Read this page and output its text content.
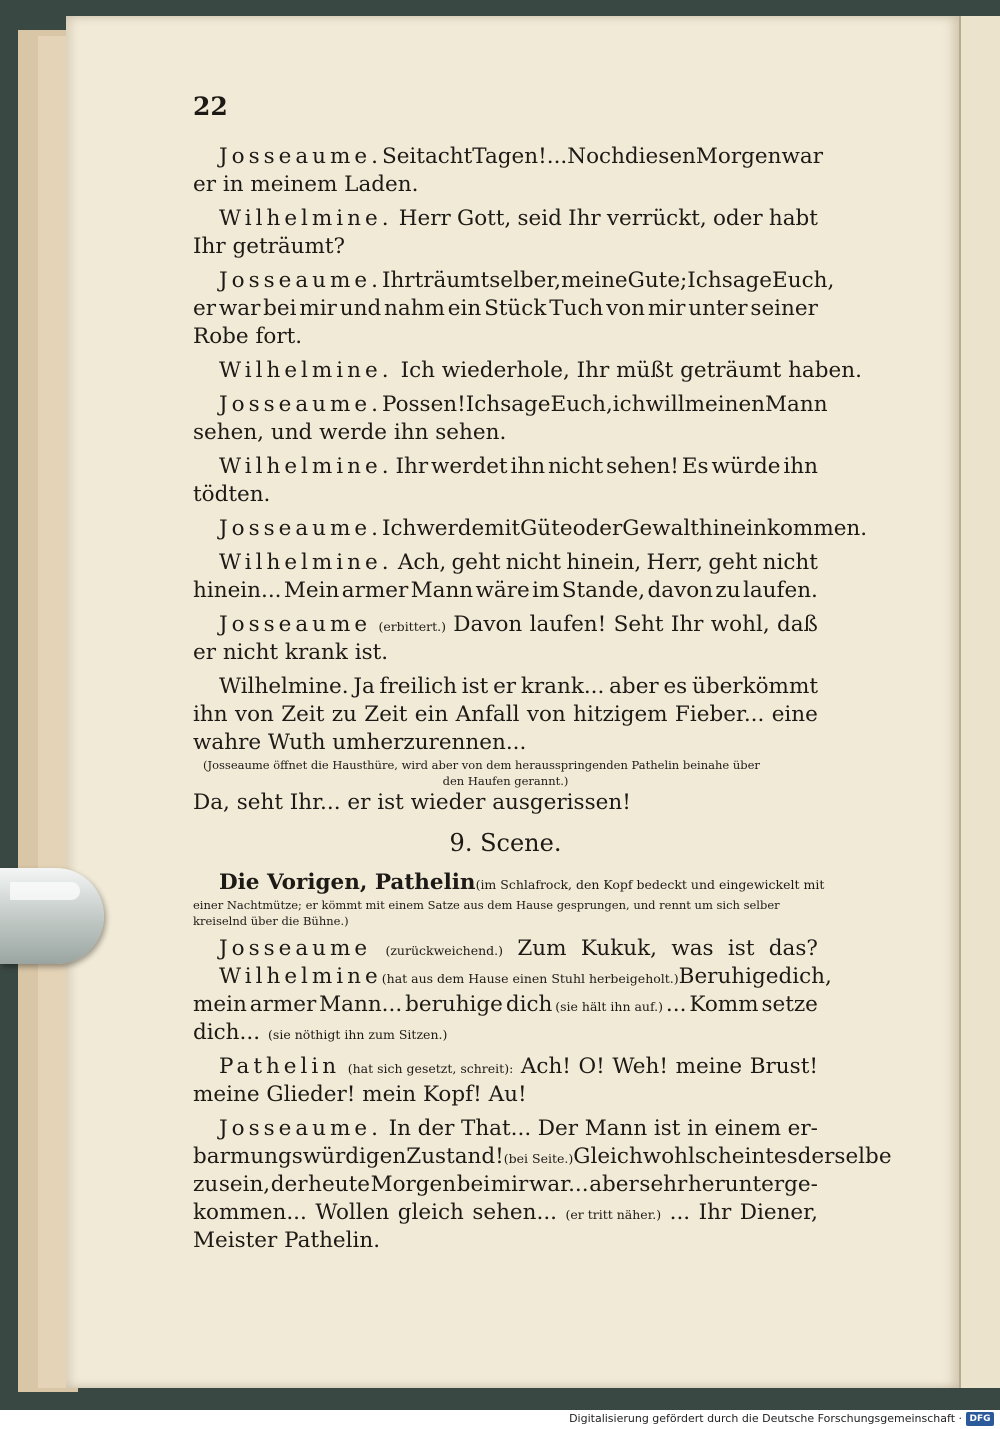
22
Josseaume. Seit acht Tagen!... Noch diesen Morgen war
er in meinem Laden.
Wilhelmine. Herr Gott, seid Ihr verrückt, oder habt
Ihr geträumt?
Josseaume. Ihr träumt selber, meine Gute; Ich sage Euch,
er war bei mir und nahm ein Stück Tuch von mir unter seiner
Robe fort.
Wilhelmine. Ich wiederhole, Ihr müßt geträumt haben.
Josseaume. Possen! Ich sage Euch, ich will meinen Mann
sehen, und werde ihn sehen.
Wilhelmine. Ihr werdet ihn nicht sehen! Es würde ihn
tödten.
Josseaume. Ich werde mit Güte oder Gewalt hinein kommen.
Wilhelmine. Ach, geht nicht hinein, Herr, geht nicht
hinein... Mein armer Mann wäre im Stande, davon zu laufen.
Josseaume (erbittert.) Davon laufen! Seht Ihr wohl, daß
er nicht krank ist.
Wilhelmine. Ja freilich ist er krank... aber es überkömmt
ihn von Zeit zu Zeit ein Anfall von hitzigem Fieber... eine
wahre Wuth umherzurennen...
(Josseaume öffnet die Hausthüre, wird aber von dem herausspringenden Pathelin beinahe über
den Haufen gerannt.)
Da, seht Ihr... er ist wieder ausgerissen!
9. Scene.
Die Vorigen, Pathelin (im Schlafrock, den Kopf bedeckt und eingewickelt mit
einer Nachtmütze; er kömmt mit einem Satze aus dem Hause gesprungen, und rennt um sich selber
kreiselnd über die Bühne.)
Josseaume (zurückweichend.) Zum Kukuk, was ist das?
Wilhelmine (hat aus dem Hause einen Stuhl herbeigeholt.) Beruhige dich,
mein armer Mann... beruhige dich (sie hält ihn auf.) ... Komm setze
dich... (sie nöthigt ihn zum Sitzen.)
Pathelin (hat sich gesetzt, schreit): Ach! O! Weh! meine Brust!
meine Glieder! mein Kopf! Au!
Josseaume. In der That... Der Mann ist in einem er-
barmungswürdigen Zustand! (bei Seite.) Gleichwohl scheint es derselbe
zu sein, der heute Morgen bei mir war... aber sehr herunterge-
kommen... Wollen gleich sehen... (er tritt näher.) ... Ihr Diener,
Meister Pathelin.
Digitalisierung gefördert durch die Deutsche Forschungsgemeinschaft · DFG
